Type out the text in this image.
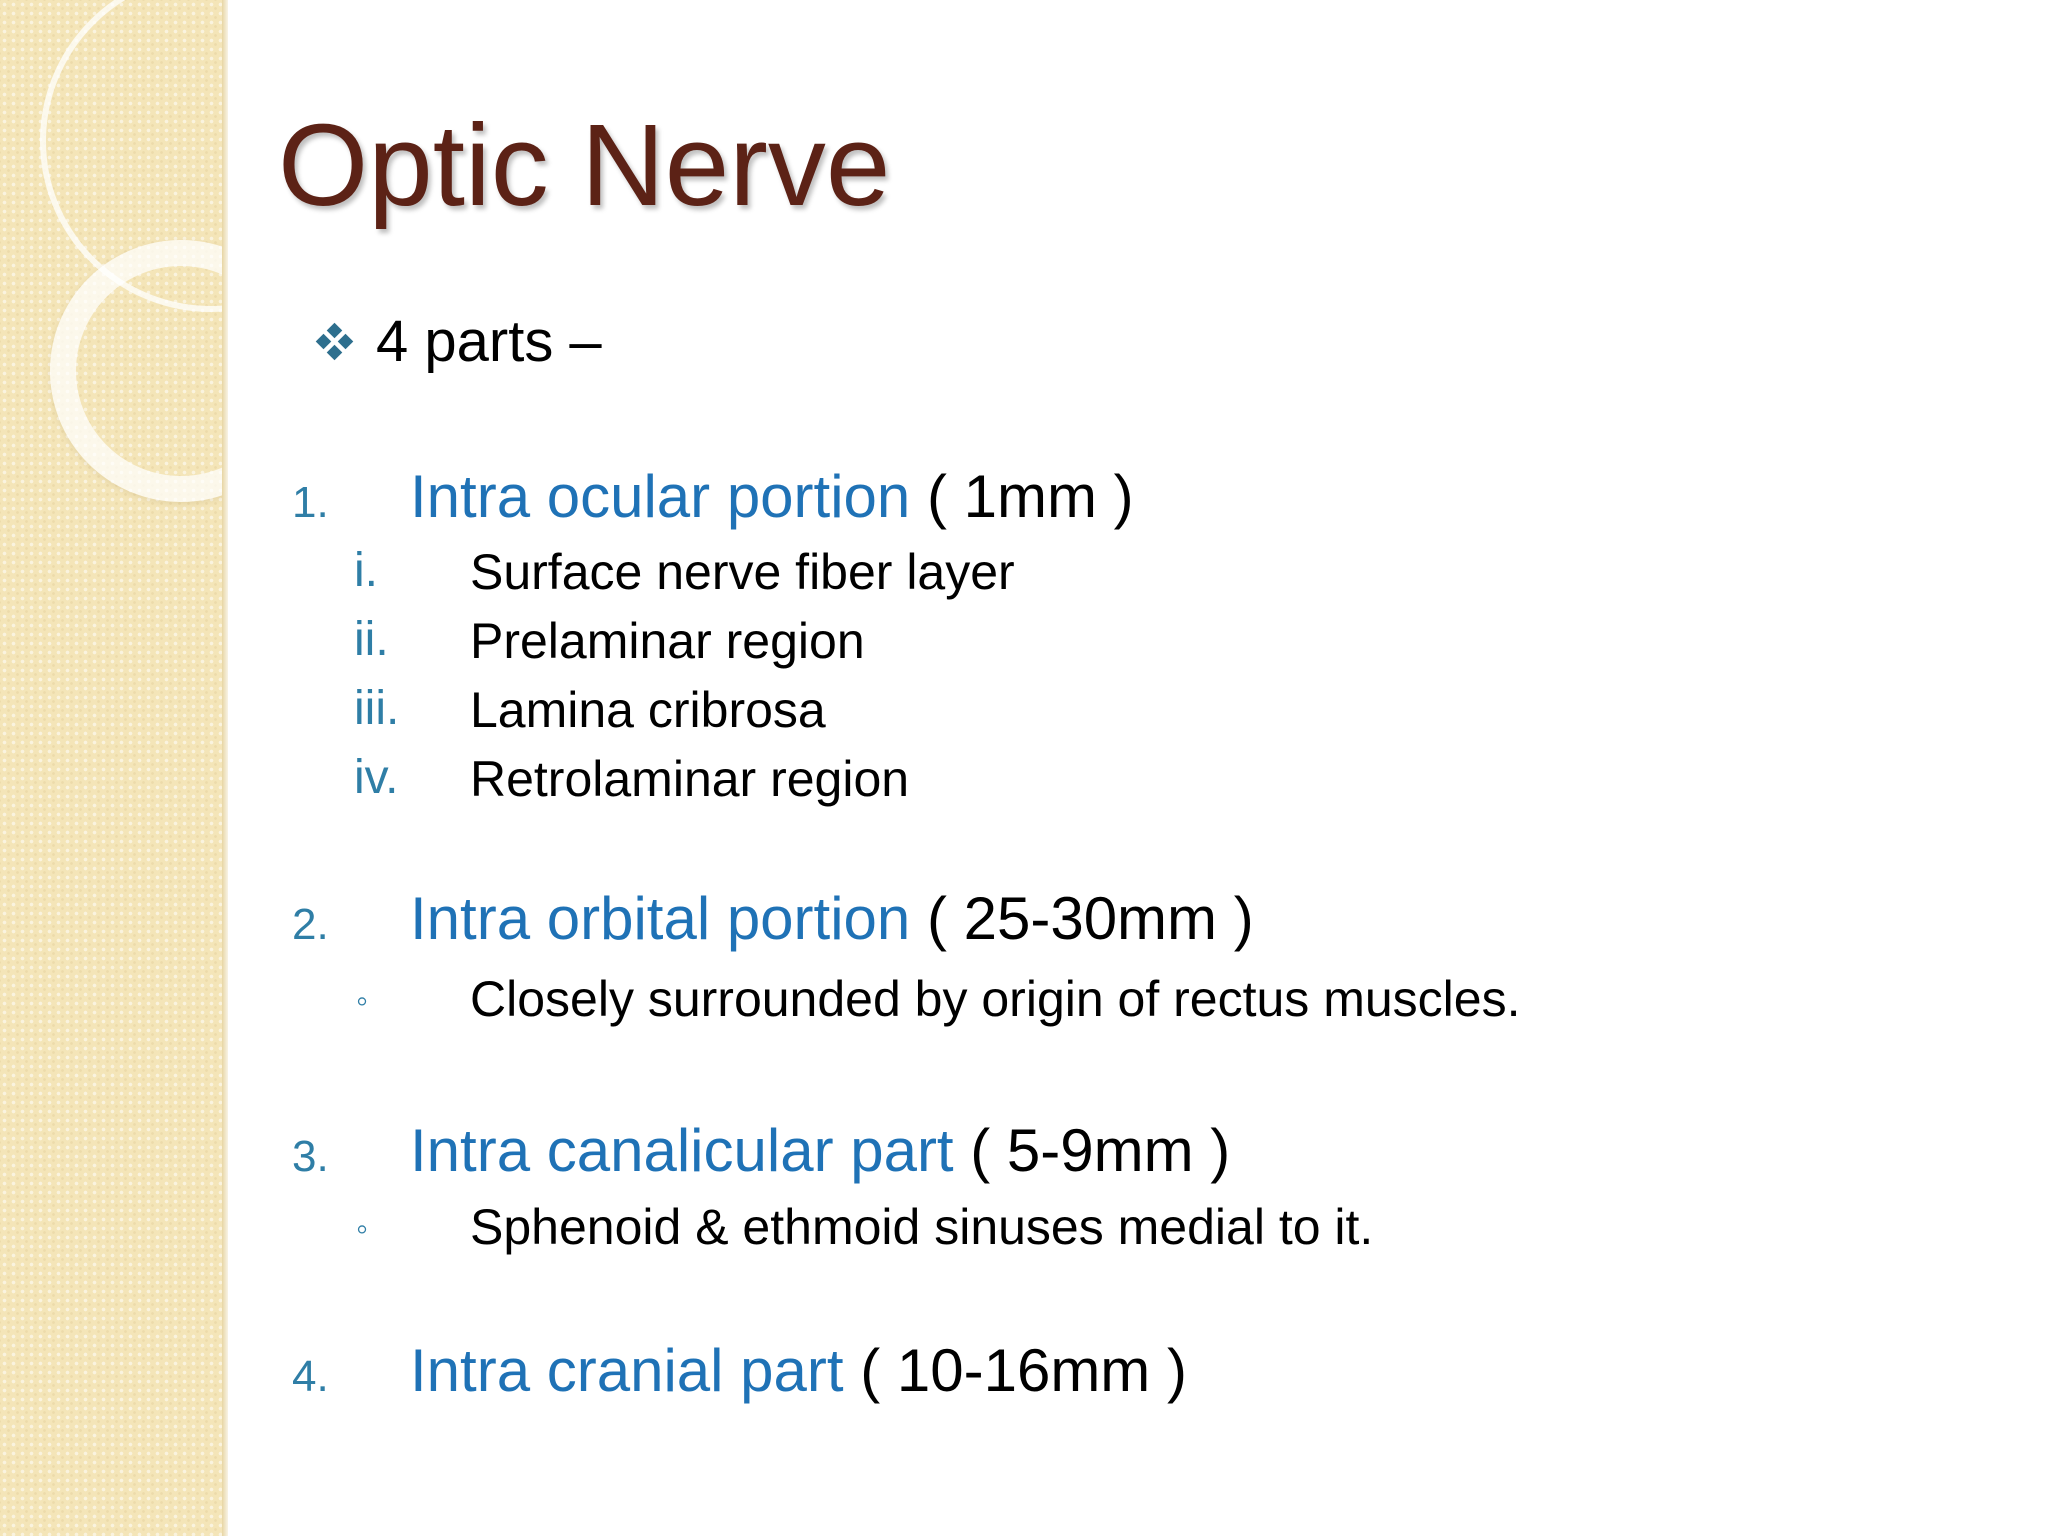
Optic Nerve
4 parts –
1. Intra ocular portion ( 1mm )
i. Surface nerve fiber layer
ii. Prelaminar region
iii. Lamina cribrosa
iv. Retrolaminar region
2. Intra orbital portion ( 25-30mm )
◦ Closely surrounded by origin of rectus muscles.
3. Intra canalicular part ( 5-9mm )
◦ Sphenoid & ethmoid sinuses medial to it.
4. Intra cranial part ( 10-16mm )
